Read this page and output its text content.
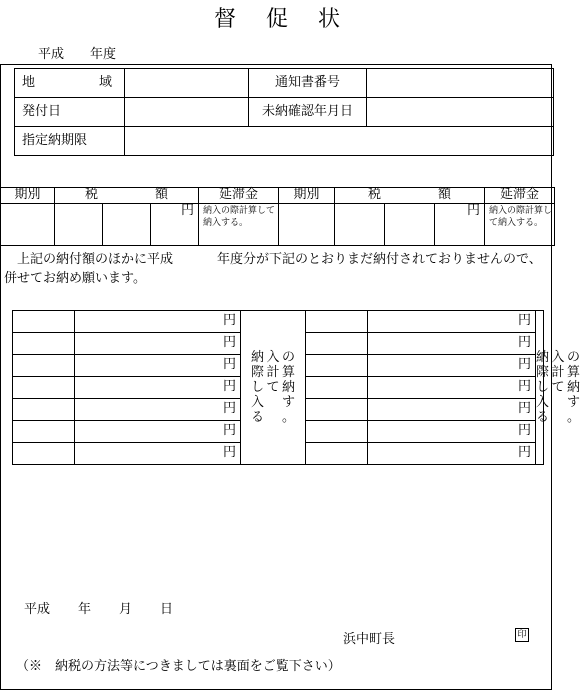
督促状
平成 年度
地　域		通知書番号	
発付日		未納確認年月日	
指定納期限			
期別	税　額			延滞金	期別	税　額			延滞金
			円	納入の際計算して納入する。				円	納入の際計算して納入する。
上記の納付額のほかに平成	年度分が下記のとおりまだ納付されておりませんので、併せてお納め願います。
	円	納入の際計算して納入する。		円	納入の際計算して納入する。

	円			円	
	円			円	
	円			円	
	円			円	
	円			円	
	円			円	
平成 年 月 日
浜中町長	印
（※　納税の方法等につきましては裏面をご覧下さい）
